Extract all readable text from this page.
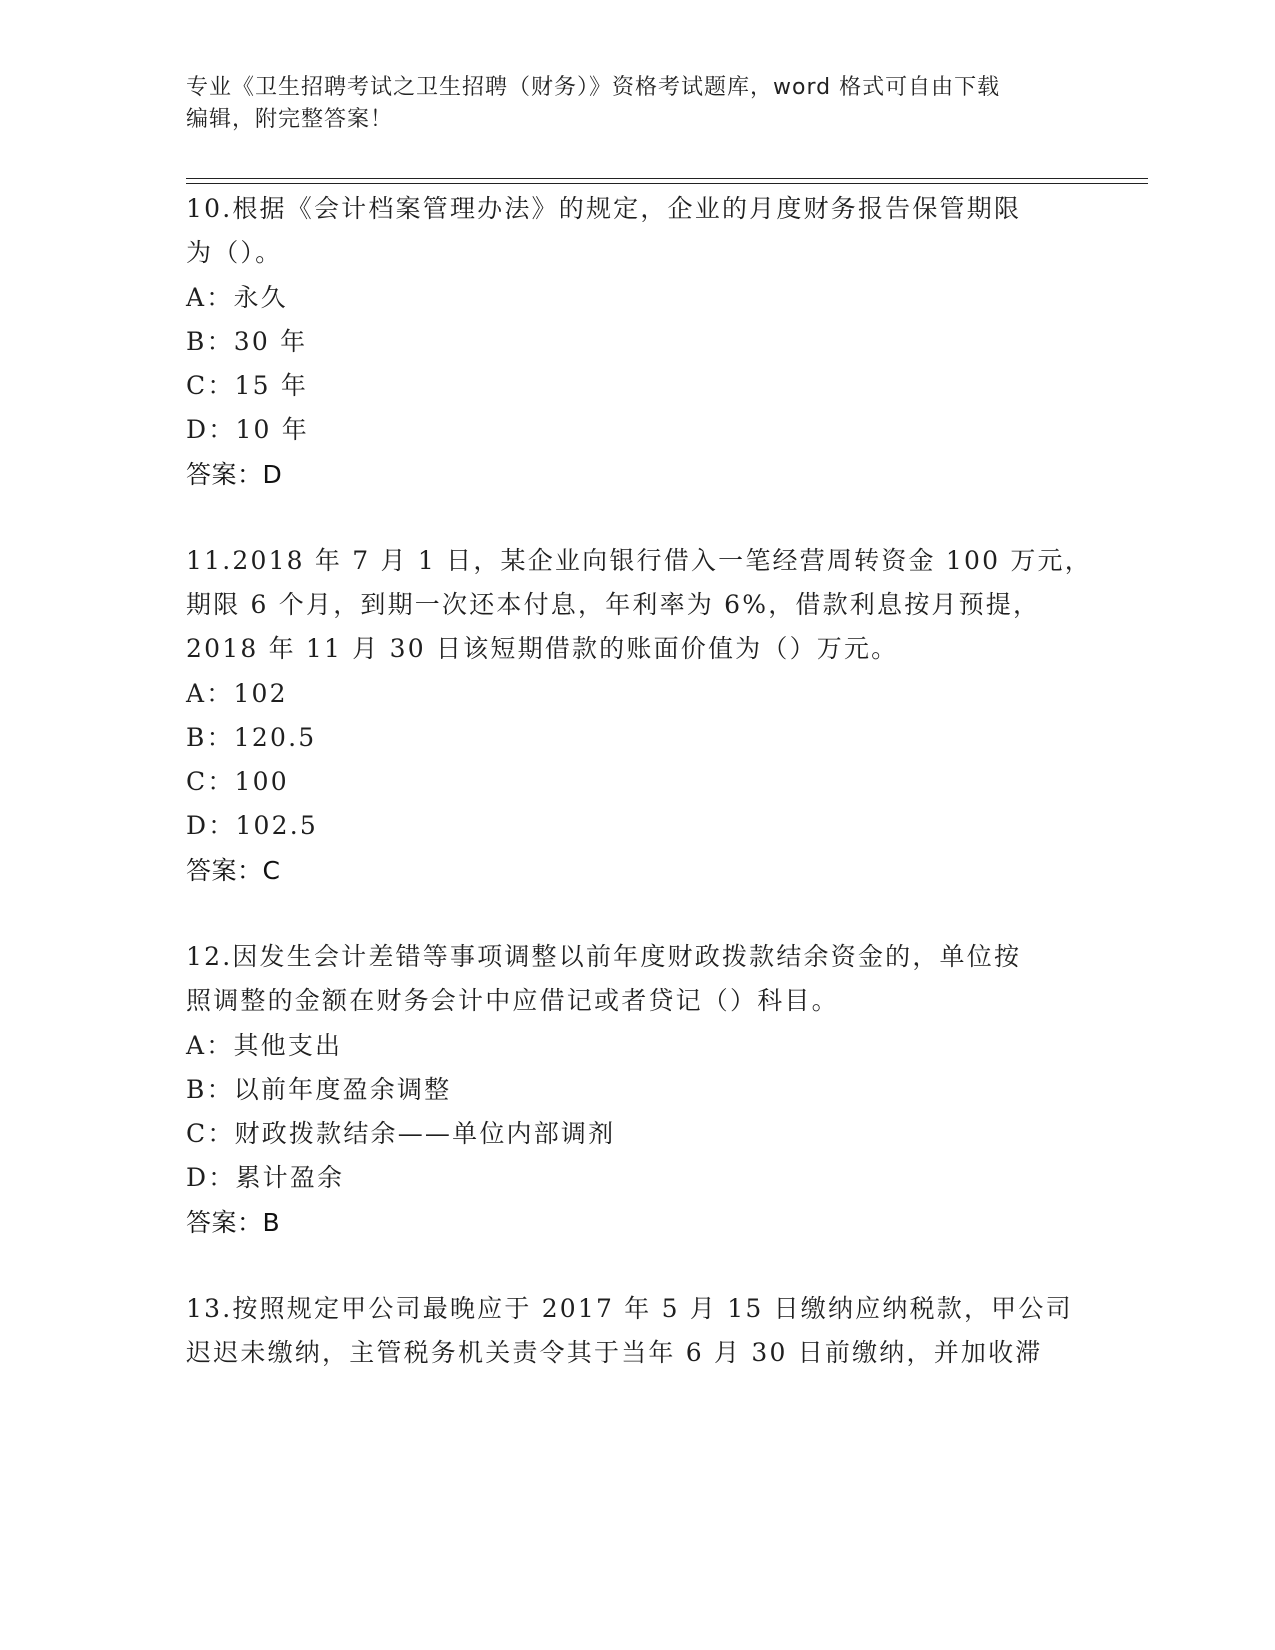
专业《卫生招聘考试之卫生招聘（财务）》资格考试题库，word 格式可自由下载
编辑，附完整答案！
10.根据《会计档案管理办法》的规定，企业的月度财务报告保管期限
为（）。
A：永久
B：30 年
C：15 年
D：10 年
答案：D
11.2018 年 7 月 1 日，某企业向银行借入一笔经营周转资金 100 万元，
期限 6 个月，到期一次还本付息，年利率为 6%，借款利息按月预提，
2018 年 11 月 30 日该短期借款的账面价值为（）万元。
A：102
B：120.5
C：100
D：102.5
答案：C
12.因发生会计差错等事项调整以前年度财政拨款结余资金的，单位按
照调整的金额在财务会计中应借记或者贷记（）科目。
A：其他支出
B：以前年度盈余调整
C：财政拨款结余——单位内部调剂
D：累计盈余
答案：B
13.按照规定甲公司最晚应于 2017 年 5 月 15 日缴纳应纳税款，甲公司
迟迟未缴纳，主管税务机关责令其于当年 6 月 30 日前缴纳，并加收滞
